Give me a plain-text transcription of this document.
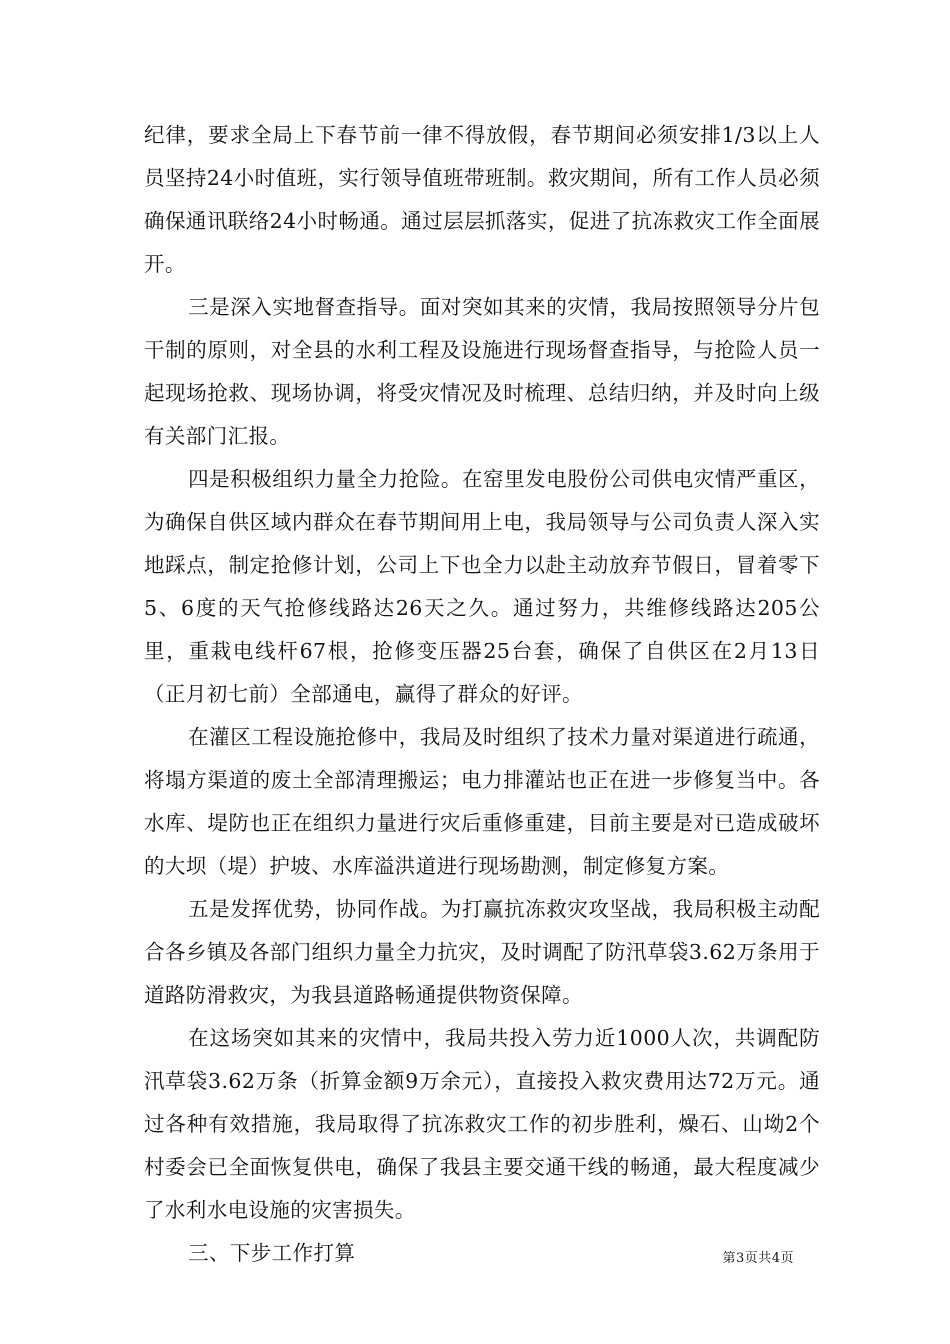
纪律，要求全局上下春节前一律不得放假，春节期间必须安排1/3以上人员坚持24小时值班，实行领导值班带班制。救灾期间，所有工作人员必须确保通讯联络24小时畅通。通过层层抓落实，促进了抗冻救灾工作全面展开。

三是深入实地督查指导。面对突如其来的灾情，我局按照领导分片包干制的原则，对全县的水利工程及设施进行现场督查指导，与抢险人员一起现场抢救、现场协调，将受灾情况及时梳理、总结归纳，并及时向上级有关部门汇报。

四是积极组织力量全力抢险。在窑里发电股份公司供电灾情严重区，为确保自供区域内群众在春节期间用上电，我局领导与公司负责人深入实地踩点，制定抢修计划，公司上下也全力以赴主动放弃节假日，冒着零下5、6度的天气抢修线路达26天之久。通过努力，共维修线路达205公里，重栽电线杆67根，抢修变压器25台套，确保了自供区在2月13日（正月初七前）全部通电，赢得了群众的好评。

在灌区工程设施抢修中，我局及时组织了技术力量对渠道进行疏通，将塌方渠道的废土全部清理搬运；电力排灌站也正在进一步修复当中。各水库、堤防也正在组织力量进行灾后重修重建，目前主要是对已造成破坏的大坝（堤）护坡、水库溢洪道进行现场勘测，制定修复方案。

五是发挥优势，协同作战。为打赢抗冻救灾攻坚战，我局积极主动配合各乡镇及各部门组织力量全力抗灾，及时调配了防汛草袋3.62万条用于道路防滑救灾，为我县道路畅通提供物资保障。

在这场突如其来的灾情中，我局共投入劳力近1000人次，共调配防汛草袋3.62万条（折算金额9万余元），直接投入救灾费用达72万元。通过各种有效措施，我局取得了抗冻救灾工作的初步胜利，燥石、山坳2个村委会已全面恢复供电，确保了我县主要交通干线的畅通，最大程度减少了水利水电设施的灾害损失。

三、下步工作打算	第3页共4页
